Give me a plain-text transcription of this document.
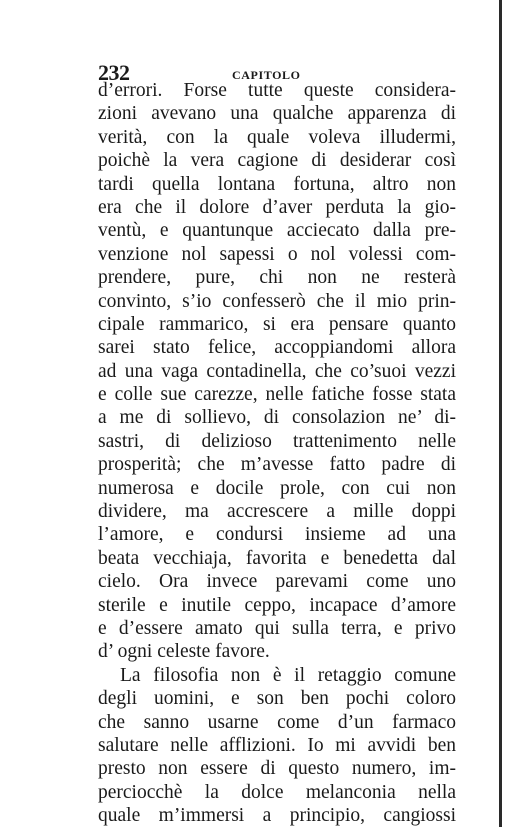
232	CAPITOLO
d’errori. Forse tutte queste considera-
zioni avevano una qualche apparenza di
verità, con la quale voleva illudermi,
poichè la vera cagione di desiderar così
tardi quella lontana fortuna, altro non
era che il dolore d’aver perduta la gio-
ventù, e quantunque acciecato dalla pre-
venzione nol sapessi o nol volessi com-
prendere, pure, chi non ne resterà
convinto, s’io confesserò che il mio prin-
cipale rammarico, si era pensare quanto
sarei stato felice, accoppiandomi allora
ad una vaga contadinella, che co’suoi vezzi
e colle sue carezze, nelle fatiche fosse stata
a me di sollievo, di consolazion ne’ di-
sastri, di delizioso trattenimento nelle
prosperità; che m’avesse fatto padre di
numerosa e docile prole, con cui non
dividere, ma accrescere a mille doppi
l’amore, e condursi insieme ad una
beata vecchiaja, favorita e benedetta dal
cielo. Ora invece parevami come uno
sterile e inutile ceppo, incapace d’amore
e d’essere amato qui sulla terra, e privo
d’ ogni celeste favore.
La filosofia non è il retaggio comune
degli uomini, e son ben pochi coloro
che sanno usarne come d’un farmaco
salutare nelle afflizioni. Io mi avvidi ben
presto non essere di questo numero, im-
perciocchè la dolce melanconia nella
quale m’immersi a principio, cangiossi
